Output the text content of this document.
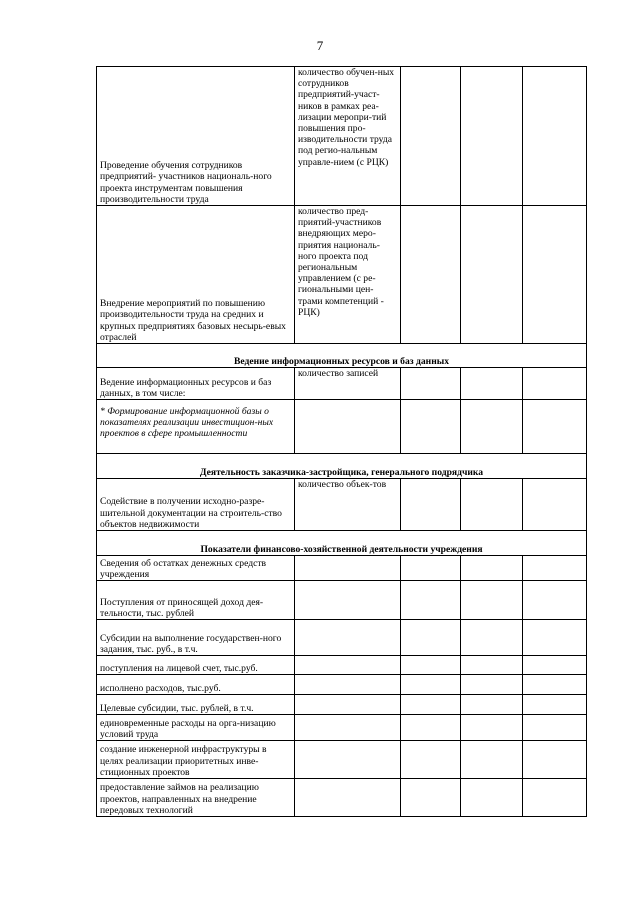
7
Проведение обучения сотрудников предприятий- участников националь-ного проекта инструментам повышения производительности труда	количество обучен-ных сотрудников предприятий-участ-ников в рамках реа-лизации меропри-тий повышения про-изводительности труда под регио-нальным управле-нием (с РЦК)			
Внедрение мероприятий по повышению производительности труда на средних и крупных предприятиях базовых несырь-евых отраслей	количество пред-приятий-участников внедряющих меро-приятия националь-ного проекта под региональным управлением (с ре-гиональными цен-трами компетенций - РЦК)			
Ведение информационных ресурсов и баз данных				
Ведение информационных ресурсов и баз данных, в том числе:	количество записей			

* Формирование информационной базы о показателях реализации инвестицион-ных проектов в сфере промышленности				

Деятельность заказчика-застройщика, генерального подрядчика				
Содействие в получении исходно-разре-шительной документации на строитель-ство объектов недвижимости	количество объек-тов			
Показатели финансово-хозяйственной деятельности учреждения				
Сведения об остатках денежных средств учреждения				
Поступления от приносящей доход дея-тельности, тыс. рублей				
Субсидии на выполнение государствен-ного задания, тыс. руб., в т.ч.				
поступления на лицевой счет, тыс.руб.				
исполнено расходов, тыс.руб.				
Целевые субсидии, тыс. рублей, в т.ч.				
единовременные расходы на орга-низацию условий труда				
создание инженерной инфраструктуры в целях реализации приоритетных инве-стиционных проектов				
предоставление займов на реализацию проектов, направленных на внедрение передовых технологий				
